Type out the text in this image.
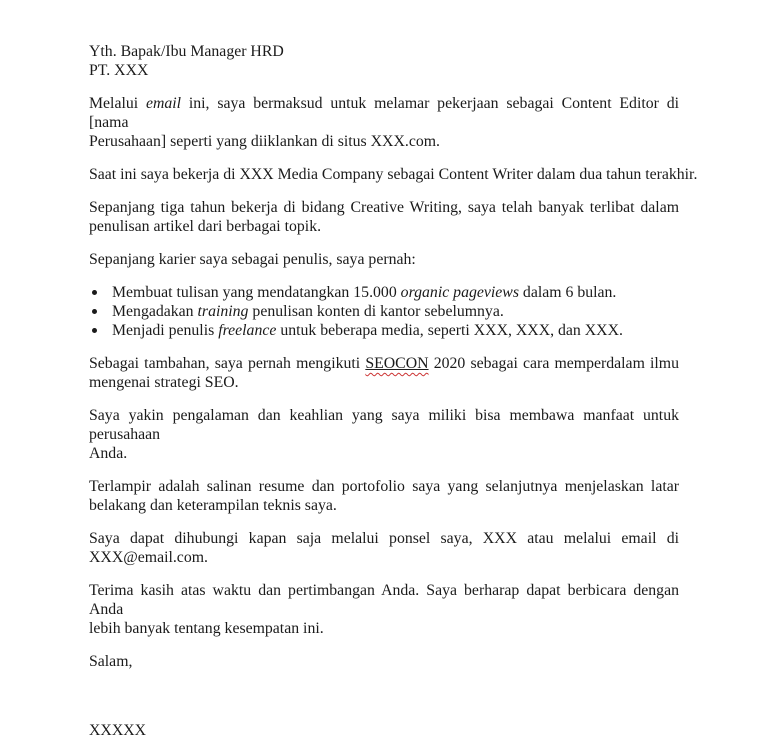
Yth. Bapak/Ibu Manager HRD
PT. XXX
Melalui email ini, saya bermaksud untuk melamar pekerjaan sebagai Content Editor di [nama
Perusahaan] seperti yang diiklankan di situs XXX.com.
Saat ini saya bekerja di XXX Media Company sebagai Content Writer dalam dua tahun terakhir.
Sepanjang tiga tahun bekerja di bidang Creative Writing, saya telah banyak terlibat dalam
penulisan artikel dari berbagai topik.
Sepanjang karier saya sebagai penulis, saya pernah:
Membuat tulisan yang mendatangkan 15.000 organic pageviews dalam 6 bulan.
Mengadakan training penulisan konten di kantor sebelumnya.
Menjadi penulis freelance untuk beberapa media, seperti XXX, XXX, dan XXX.
Sebagai tambahan, saya pernah mengikuti SEOCON 2020 sebagai cara memperdalam ilmu
mengenai strategi SEO.
Saya yakin pengalaman dan keahlian yang saya miliki bisa membawa manfaat untuk perusahaan
Anda.
Terlampir adalah salinan resume dan portofolio saya yang selanjutnya menjelaskan latar
belakang dan keterampilan teknis saya.
Saya dapat dihubungi kapan saja melalui ponsel saya, XXX atau melalui email di
XXX@email.com.
Terima kasih atas waktu dan pertimbangan Anda. Saya berharap dapat berbicara dengan Anda
lebih banyak tentang kesempatan ini.
Salam,
XXXXX
